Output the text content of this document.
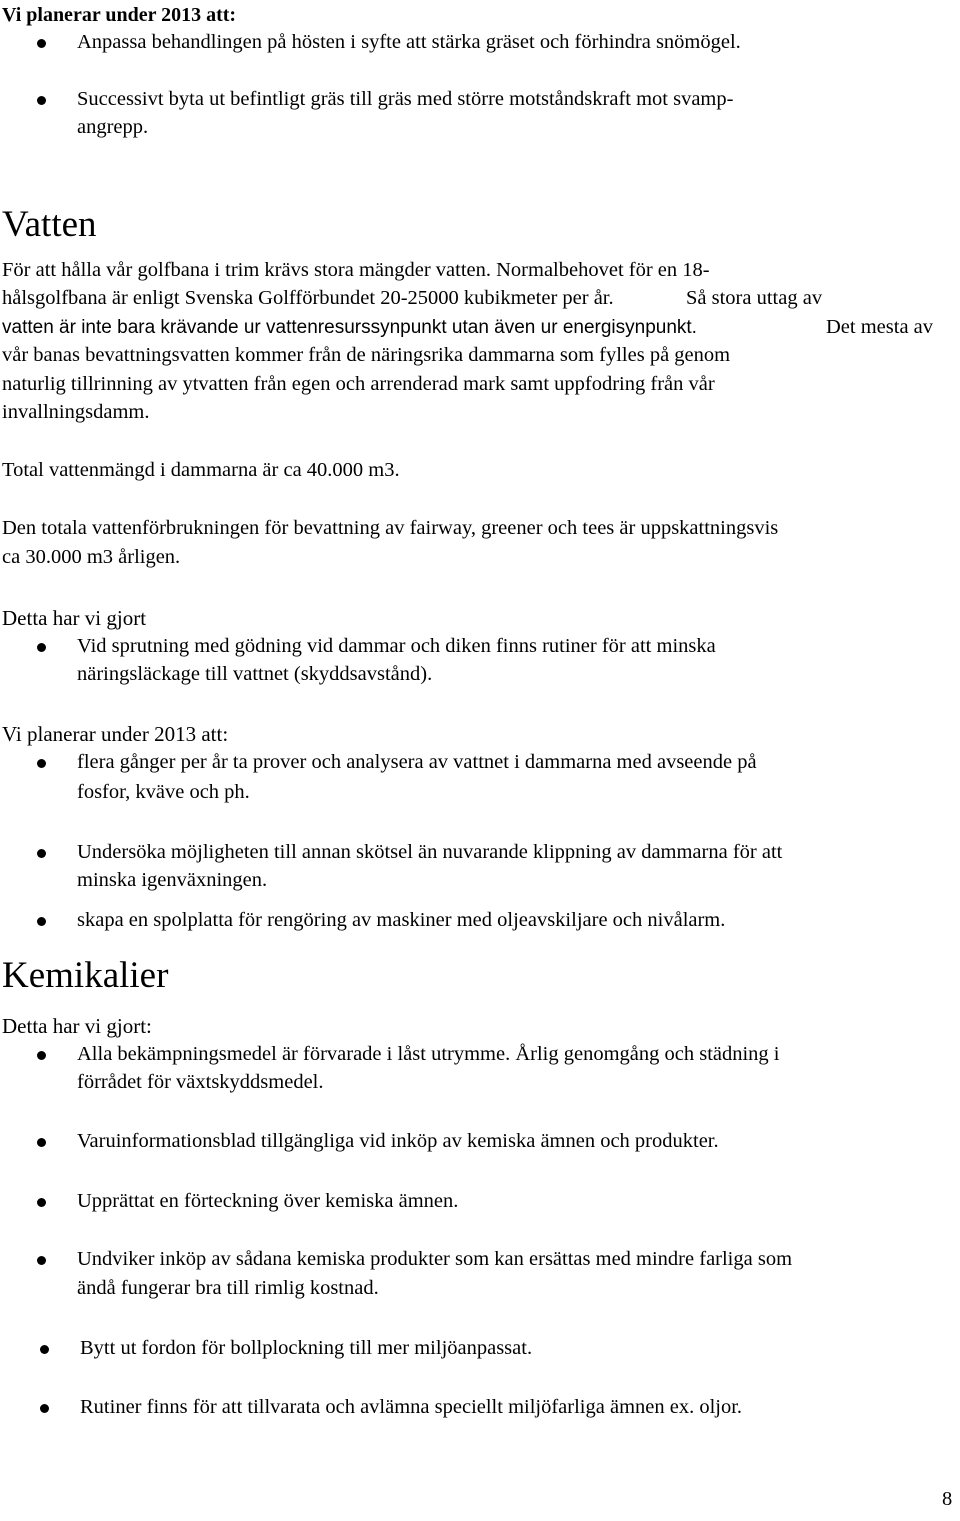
Vi planerar under 2013 att:
Anpassa behandlingen på hösten i syfte att stärka gräset och förhindra snömögel.
Successivt byta ut befintligt gräs till gräs med större motståndskraft mot svamp-
angrepp.
Vatten
För att hålla vår golfbana i trim krävs stora mängder vatten. Normalbehovet för en 18-
hålsgolfbana är enligt Svenska Golfförbundet 20-25000 kubikmeter per år.	Så stora uttag av
vatten är inte bara krävande ur vattenresurssynpunkt utan även ur energisynpunkt.	Det mesta av
vår banas bevattningsvatten kommer från de näringsrika dammarna som fylles på genom
naturlig tillrinning av ytvatten från egen och arrenderad mark samt uppfodring från vår
invallningsdamm.
Total vattenmängd i dammarna är ca 40.000 m3.
Den totala vattenförbrukningen för bevattning av fairway, greener och tees är uppskattningsvis
ca 30.000 m3 årligen.
Detta har vi gjort
Vid sprutning med gödning vid dammar och diken finns rutiner för att minska
näringsläckage till vattnet (skyddsavstånd).
Vi planerar under 2013 att:
flera gånger per år ta prover och analysera av vattnet i dammarna med avseende på
fosfor, kväve och ph.
Undersöka möjligheten till annan skötsel än nuvarande klippning av dammarna för att
minska igenväxningen.
skapa en spolplatta för rengöring av maskiner med oljeavskiljare och nivålarm.
Kemikalier
Detta har vi gjort:
Alla bekämpningsmedel är förvarade i låst utrymme. Årlig genomgång och städning i
förrådet för växtskyddsmedel.
Varuinformationsblad tillgängliga vid inköp av kemiska ämnen och produkter.
Upprättat en förteckning över kemiska ämnen.
Undviker inköp av sådana kemiska produkter som kan ersättas med mindre farliga som
ändå fungerar bra till rimlig kostnad.
Bytt ut fordon för bollplockning till mer miljöanpassat.
Rutiner finns för att tillvarata och avlämna speciellt miljöfarliga ämnen ex. oljor.
8
